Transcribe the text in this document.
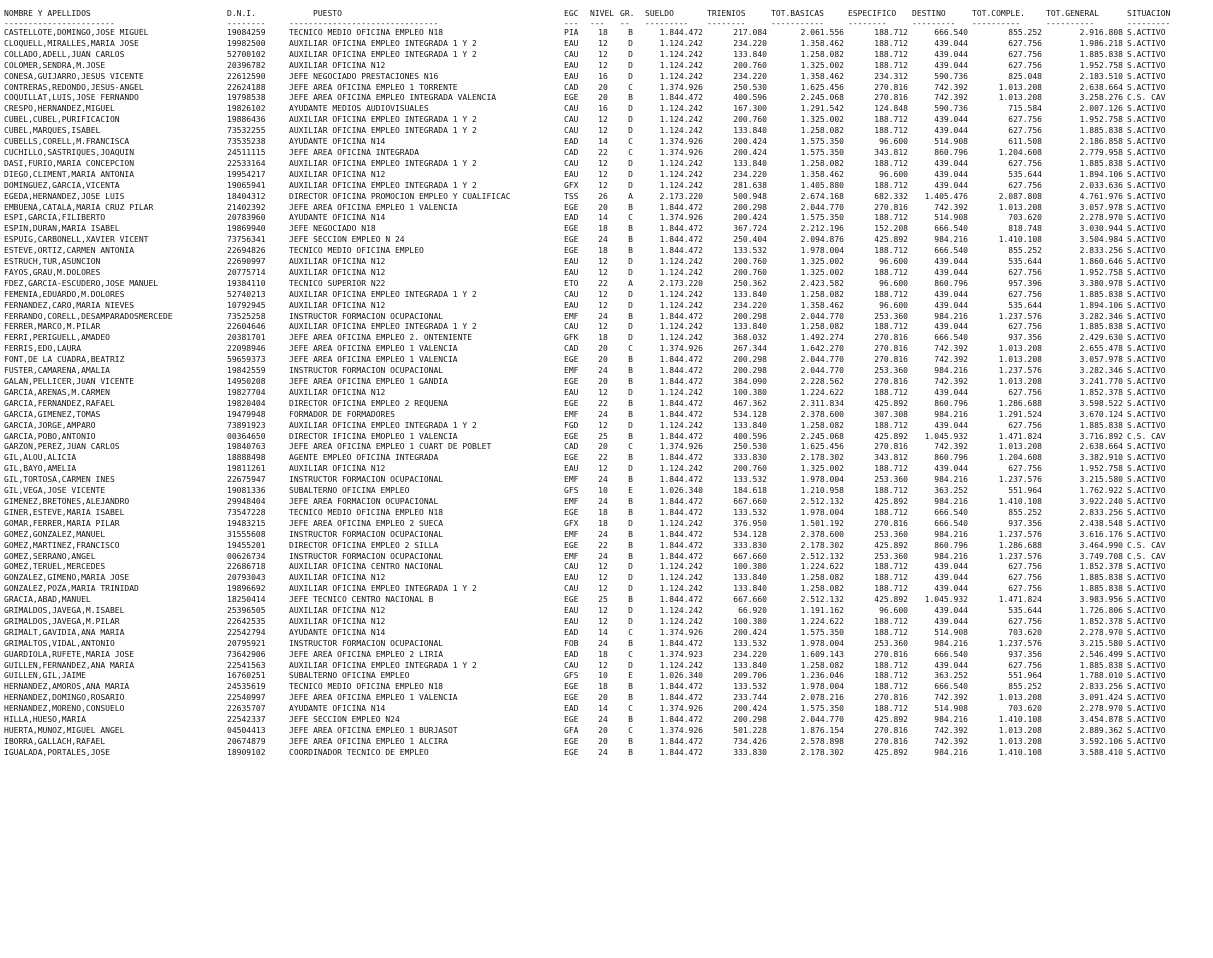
NOMBRE Y APELLIDOS	D.N.I.	PUESTO	EGC	NIVEL	GR.	SUELDO	TRIENIOS	TOT.BASICAS	ESPECIFICO	DESTINO	TOT.COMPLE.	TOT.GENERAL	SITUACION
-----------------------	--------	-------------------------------	---	---	--	---------	--------	-----------	--------	---------	----------	----------	---------
CASTELLOTE,DOMINGO,JOSE MIGUEL	19084259	TECNICO MEDIO OFICINA EMPLEO N18	PIA	18	B	1.844.472	217.084	2.061.556	188.712	666.540	855.252	2.916.808	S.ACTIVO
CLOQUELL,MIRALLES,MARIA JOSE	19982500	AUXILIAR OFICINA EMPLEO INTEGRADA 1 Y 2	EAU	12	D	1.124.242	234.220	1.358.462	188.712	439.044	627.756	1.986.218	S.ACTIVO
COLLADO,ADELL,JUAN CARLOS	52700102	AUXILIAR OFICINA EMPLEO INTEGRADA 1 Y 2	CAU	12	D	1.124.242	133.840	1.258.082	188.712	439.044	627.756	1.885.838	S.ACTIVO
COLOMER,SENDRA,M.JOSE	20396782	AUXILIAR OFICINA N12	EAU	12	D	1.124.242	200.760	1.325.002	188.712	439.044	627.756	1.952.758	S.ACTIVO
CONESA,GUIJARRO,JESUS VICENTE	22612590	JEFE NEGOCIADO PRESTACIONES N16	EAU	16	D	1.124.242	234.220	1.358.462	234.312	590.736	825.048	2.183.510	S.ACTIVO
CONTRERAS,REDONDO,JESUS-ANGEL	22624188	JEFE AREA OFICINA EMPLEO 1 TORRENTE	CAD	20	C	1.374.926	250.530	1.625.456	270.816	742.392	1.013.208	2.638.664	S.ACTIVO
COQUILLAT,LUIS,JOSE FERNANDO	19798538	JEFE AREA OFICINA EMPLEO INTEGRADA VALENCIA	EGE	20	B	1.844.472	400.596	2.245.068	270.816	742.392	1.013.208	3.258.276	C.S. CAV
CRESPO,HERNANDEZ,MIGUEL	19826102	AYUDANTE MEDIOS AUDIOVISUALES	CAU	16	D	1.124.242	167.300	1.291.542	124.848	590.736	715.584	2.007.126	S.ACTIVO
CUBEL,CUBEL,PURIFICACION	19886436	AUXILIAR OFICINA EMPLEO INTEGRADA 1 Y 2	CAU	12	D	1.124.242	200.760	1.325.002	188.712	439.044	627.756	1.952.758	S.ACTIVO
CUBEL,MARQUES,ISABEL	73532255	AUXILIAR OFICINA EMPLEO INTEGRADA 1 Y 2	CAU	12	D	1.124.242	133.840	1.258.082	188.712	439.044	627.756	1.885.838	S.ACTIVO
CUBELLS,CORELL,M.FRANCISCA	73535238	AYUDANTE OFICINA N14	EAD	14	C	1.374.926	200.424	1.575.350	96.600	514.908	611.508	2.186.858	S.ACTIVO
CUCHILLO,SASTRIQUES,JOAQUIN	24511115	JEFE AREA OFICINA INTEGRADA	CAD	22	C	1.374.926	200.424	1.575.350	343.812	860.796	1.204.608	2.779.958	S.ACTIVO
DASI,FURIO,MARIA CONCEPCION	22533164	AUXILIAR OFICINA EMPLEO INTEGRADA 1 Y 2	CAU	12	D	1.124.242	133.840	1.258.082	188.712	439.044	627.756	1.885.838	S.ACTIVO
DIEGO,CLIMENT,MARIA ANTONIA	19954217	AUXILIAR OFICINA N12	EAU	12	D	1.124.242	234.220	1.358.462	96.600	439.044	535.644	1.894.106	S.ACTIVO
DOMINGUEZ,GARCIA,VICENTA	19065941	AUXILIAR OFICINA EMPLEO INTEGRADA 1 Y 2	GFX	12	D	1.124.242	281.638	1.405.880	188.712	439.044	627.756	2.033.636	S.ACTIVO
EGEDA,HERNANDEZ,JOSE LUIS	18404312	DIRECTOR OFICINA PROMOCION EMPLEO Y CUALIFICAC	TSS	26	A	2.173.220	500.948	2.674.168	682.332	1.405.476	2.087.808	4.761.976	S.ACTIVO
EMBUENA,CATALA,MARIA CRUZ PILAR	21402392	JEFE AREA OFICINA EMPLEO 1 VALENCIA	EGE	20	B	1.844.472	200.298	2.044.770	270.816	742.392	1.013.208	3.057.978	S.ACTIVO
ESPI,GARCIA,FILIBERTO	20783960	AYUDANTE OFICINA N14	EAD	14	C	1.374.926	200.424	1.575.350	188.712	514.908	703.620	2.278.970	S.ACTIVO
ESPIN,DURAN,MARIA ISABEL	19869940	JEFE NEGOCIADO N18	EGE	18	B	1.844.472	367.724	2.212.196	152.208	666.540	818.748	3.030.944	S.ACTIVO
ESPUIG,CARBONELL,XAVIER VICENT	73756341	JEFE SECCION EMPLEO N 24	EGE	24	B	1.844.472	250.404	2.094.876	425.892	984.216	1.410.108	3.504.984	S.ACTIVO
ESTEVE,ORTIZ,CARMEN ANTONIA	22694826	TECNICO MEDIO OFICINA EMPLEO	EGE	18	B	1.844.472	133.532	1.978.004	188.712	666.540	855.252	2.833.256	S.ACTIVO
ESTRUCH,TUR,ASUNCION	22690997	AUXILIAR OFICINA N12	EAU	12	D	1.124.242	200.760	1.325.002	96.600	439.044	535.644	1.860.646	S.ACTIVO
FAYOS,GRAU,M.DOLORES	20775714	AUXILIAR OFICINA N12	EAU	12	D	1.124.242	200.760	1.325.002	188.712	439.044	627.756	1.952.758	S.ACTIVO
FDEZ,GARCIA-ESCUDERO,JOSE MANUEL	19384110	TECNICO SUPERIOR N22	ETO	22	A	2.173.220	250.362	2.423.582	96.600	860.796	957.396	3.380.978	S.ACTIVO
FEMENIA,EDUARDO,M.DOLORES	52740213	AUXILIAR OFICINA EMPLEO INTEGRADA 1 Y 2	CAU	12	D	1.124.242	133.840	1.258.082	188.712	439.044	627.756	1.885.838	S.ACTIVO
FERNANDEZ,CARO,MARIA NIEVES	10792945	AUXILIAR OFICINA N12	EAU	12	D	1.124.242	234.220	1.358.462	96.600	439.044	535.644	1.894.106	S.ACTIVO
FERRANDO,CORELL,DESAMPARADOSMERCEDE	73525258	INSTRUCTOR FORMACION OCUPACIONAL	EMF	24	B	1.844.472	200.298	2.044.770	253.360	984.216	1.237.576	3.282.346	S.ACTIVO
FERRER,MARCO,M.PILAR	22604646	AUXILIAR OFICINA EMPLEO INTEGRADA 1 Y 2	CAU	12	D	1.124.242	133.840	1.258.082	188.712	439.044	627.756	1.885.838	S.ACTIVO
FERRI,PERIGUELL,AMADEO	20381701	JEFE AREA OFICINA EMPLEO 2. ONTENIENTE	GFK	18	D	1.124.242	368.032	1.492.274	270.816	666.540	937.356	2.429.630	S.ACTIVO
FERRIS,EDO,LAURA	22098946	JEFE AREA OFICINA EMPLEO 1 VALENCIA	CAD	20	C	1.374.926	267.344	1.642.270	270.816	742.392	1.013.208	2.655.478	S.ACTIVO
FONT,DE LA CUADRA,BEATRIZ	59659373	JEFE AREA OFICINA EMPLEO 1 VALENCIA	EGE	20	B	1.844.472	200.298	2.044.770	270.816	742.392	1.013.208	3.057.978	S.ACTIVO
FUSTER,CAMARENA,AMALIA	19842559	INSTRUCTOR FORMACION OCUPACIONAL	EMF	24	B	1.844.472	200.298	2.044.770	253.360	984.216	1.237.576	3.282.346	S.ACTIVO
GALAN,PELLICER,JUAN VICENTE	14950208	JEFE AREA OFICINA EMPLEO 1 GANDIA	EGE	20	B	1.844.472	384.090	2.228.562	270.816	742.392	1.013.208	3.241.770	S.ACTIVO
GARCIA,ARENAS,M.CARMEN	19827704	AUXILIAR OFICINA N12	EAU	12	D	1.124.242	100.380	1.224.622	188.712	439.044	627.756	1.852.378	S.ACTIVO
GARCIA,FERNANDEZ,RAFAEL	19820404	DIRECTOR OFICINA EMPLEO 2 REQUENA	EGE	22	B	1.844.472	467.362	2.311.834	425.892	860.796	1.286.688	3.598.522	S.ACTIVO
GARCIA,GIMENEZ,TOMAS	19479948	FORMADOR DE FORMADORES	EMF	24	B	1.844.472	534.128	2.378.600	307.308	984.216	1.291.524	3.670.124	S.ACTIVO
GARCIA,JORGE,AMPARO	73891923	AUXILIAR OFICINA EMPLEO INTEGRADA 1 Y 2	FGD	12	D	1.124.242	133.840	1.258.082	188.712	439.044	627.756	1.885.838	S.ACTIVO
GARCIA,POBO,ANTONIO	00364650	DIRECTOR IFICINA EMOPLEO 1 VALENCIA	EGE	25	B	1.844.472	400.596	2.245.068	425.892	1.045.932	1.471.824	3.716.892	C.S. CAV
GARZON,PEREZ,JUAN CARLOS	19840763	JEFE AREA OFICINA EMPLEO 1 CUART DE POBLET	CAD	20	C	1.374.926	250.530	1.625.456	270.816	742.392	1.013.208	2.638.664	S.ACTIVO
GIL,ALOU,ALICIA	18888498	AGENTE EMPLEO OFICINA INTEGRADA	EGE	22	B	1.844.472	333.830	2.178.302	343.812	860.796	1.204.608	3.382.910	S.ACTIVO
GIL,BAYO,AMELIA	19811261	AUXILIAR OFICINA N12	EAU	12	D	1.124.242	200.760	1.325.002	188.712	439.044	627.756	1.952.758	S.ACTIVO
GIL,TORTOSA,CARMEN INES	22675947	INSTRUCTOR FORMACION OCUPACIONAL	EMF	24	B	1.844.472	133.532	1.978.004	253.360	984.216	1.237.576	3.215.580	S.ACTIVO
GIL,VEGA,JOSE VICENTE	19081336	SUBALTERNO OFICINA EMPLEO	GFS	10	E	1.026.340	184.618	1.210.958	188.712	363.252	551.964	1.762.922	S.ACTIVO
GIMENEZ,BRETONES,ALEJANDRO	29948404	JEFE AREA FORMACION OCUPACIONAL	EMF	24	B	1.844.472	667.660	2.512.132	425.892	984.216	1.410.108	3.922.240	S.ACTIVO
GINER,ESTEVE,MARIA ISABEL	73547228	TECNICO MEDIO OFICINA EMPLEO N18	EGE	18	B	1.844.472	133.532	1.978.004	188.712	666.540	855.252	2.833.256	S.ACTIVO
GOMAR,FERRER,MARIA PILAR	19483215	JEFE AREA OFICINA EMPLEO 2 SUECA	GFX	18	D	1.124.242	376.950	1.501.192	270.816	666.540	937.356	2.438.548	S.ACTIVO
GOMEZ,GONZALEZ,MANUEL	31555608	INSTRUCTOR FORMACION OCUPACIONAL	EMF	24	B	1.844.472	534.128	2.378.600	253.360	984.216	1.237.576	3.616.176	S.ACTIVO
GOMEZ,MARTINEZ,FRANCISCO	19455201	DIRECTOR OFICINA EMPLEO 2 SILLA	EGE	22	B	1.844.472	333.830	2.178.302	425.892	860.796	1.286.688	3.464.990	C.S. CAV
GOMEZ,SERRANO,ANGEL	00626734	INSTRUCTOR FORMACION OCUPACIONAL	EMF	24	B	1.844.472	667.660	2.512.132	253.360	984.216	1.237.576	3.749.708	C.S. CAV
GOMEZ,TERUEL,MERCEDES	22686718	AUXILIAR OFICINA CENTRO NACIONAL	CAU	12	D	1.124.242	100.380	1.224.622	188.712	439.044	627.756	1.852.378	S.ACTIVO
GONZALEZ,GIMENO,MARIA JOSE	20793043	AUXILIAR OFICINA N12	EAU	12	D	1.124.242	133.840	1.258.082	188.712	439.044	627.756	1.885.838	S.ACTIVO
GONZALEZ,POZA,MARIA TRINIDAD	19896692	AUXILIAR OFICINA EMPLEO INTEGRADA 1 Y 2	CAU	12	D	1.124.242	133.840	1.258.082	188.712	439.044	627.756	1.885.838	S.ACTIVO
GRACIA,ABAD,MANUEL	18250414	JEFE TECNICO CENTRO NACIONAL B	EGE	25	B	1.844.472	667.660	2.512.132	425.892	1.045.932	1.471.824	3.983.956	S.ACTIVO
GRIMALDOS,JAVEGA,M.ISABEL	25396505	AUXILIAR OFICINA N12	EAU	12	D	1.124.242	66.920	1.191.162	96.600	439.044	535.644	1.726.806	S.ACTIVO
GRIMALDOS,JAVEGA,M.PILAR	22642535	AUXILIAR OFICINA N12	EAU	12	D	1.124.242	100.380	1.224.622	188.712	439.044	627.756	1.852.378	S.ACTIVO
GRIMALT,GAVIDIA,ANA MARIA	22542794	AYUDANTE OFICINA N14	EAD	14	C	1.374.926	200.424	1.575.350	188.712	514.908	703.620	2.278.970	S.ACTIVO
GRIMALTOS,VIDAL,ANTONIO	20795921	INSTRUCTOR FORMACION OCUPACIONAL	FOB	24	B	1.844.472	133.532	1.978.004	253.360	984.216	1.237.576	3.215.580	S.ACTIVO
GUARDIOLA,RUFETE,MARIA JOSE	73642906	JEFE AREA OFICINA EMPLEO 2 LIRIA	EAD	18	C	1.374.923	234.220	1.609.143	270.816	666.540	937.356	2.546.499	S.ACTIVO
GUILLEN,FERNANDEZ,ANA MARIA	22541563	AUXILIAR OFICINA EMPLEO INTEGRADA 1 Y 2	CAU	12	D	1.124.242	133.840	1.258.082	188.712	439.044	627.756	1.885.838	S.ACTIVO
GUILLEN,GIL,JAIME	16760251	SUBALTERNO OFICINA EMPLEO	GFS	10	E	1.026.340	209.706	1.236.046	188.712	363.252	551.964	1.788.010	S.ACTIVO
HERNANDEZ,AMOROS,ANA MARIA	24535619	TECNICO MEDIO OFICINA EMPLEO N18	EGE	18	B	1.844.472	133.532	1.978.004	188.712	666.540	855.252	2.833.256	S.ACTIVO
HERNANDEZ,DOMINGO,ROSARIO	22540997	JEFE AREA OFICINA EMPLEO 1 VALENCIA	EGE	20	B	1.844.472	233.744	2.078.216	270.816	742.392	1.013.208	3.091.424	S.ACTIVO
HERNANDEZ,MORENO,CONSUELO	22635707	AYUDANTE OFICINA N14	EAD	14	C	1.374.926	200.424	1.575.350	188.712	514.908	703.620	2.278.970	S.ACTIVO
HILLA,HUESO,MARIA	22542337	JEFE SECCION EMPLEO N24	EGE	24	B	1.844.472	200.298	2.044.770	425.892	984.216	1.410.108	3.454.878	S.ACTIVO
HUERTA,MUNOZ,MIGUEL ANGEL	04504413	JEFE AREA OFICINA EMPLEO 1 BURJASOT	GFA	20	C	1.374.926	501.228	1.876.154	270.816	742.392	1.013.208	2.889.362	S.ACTIVO
IBORRA,GALLACH,RAFAEL	20674879	JEFE AREA OFICINA EMPLEO 1 ALCIRA	EGE	20	B	1.844.472	734.426	2.578.898	270.816	742.392	1.013.208	3.592.106	S.ACTIVO
IGUALADA,PORTALES,JOSE	18909102	COORDINADOR TECNICO DE EMPLEO	EGE	24	B	1.844.472	333.830	2.178.302	425.892	984.216	1.410.108	3.588.410	S.ACTIVO
